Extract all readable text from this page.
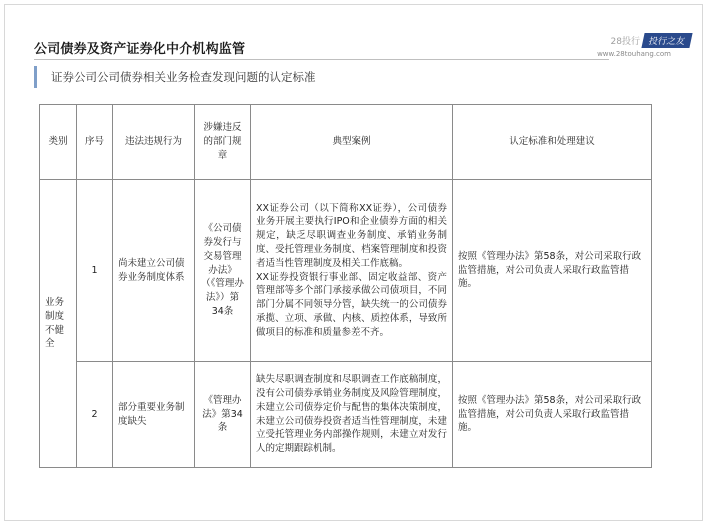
公司债券及资产证券化中介机构监管	28投行 投行之友
www.28touhang.com
证券公司公司债券相关业务检查发现问题的认定标准
类别	序号	违法违规行为	涉嫌违反的部门规章	典型案例	认定标准和处理建议
业务制度不健全	1	尚未建立公司债券业务制度体系	《公司债券发行与交易管理办法》（《管理办法》）第34条	XX证券公司（以下简称XX证券），公司债券业务开展主要执行IPO和企业债券方面的相关规定，缺乏尽职调查业务制度、承销业务制度、受托管理业务制度、档案管理制度和投资者适当性管理制度及相关工作底稿。
XX证券投资银行事业部、固定收益部、资产管理部等多个部门承接承做公司债项目，不同部门分属不同领导分管，缺失统一的公司债券承揽、立项、承做、内核、质控体系，导致所做项目的标准和质量参差不齐。	按照《管理办法》第58条，对公司采取行政监管措施，对公司负责人采取行政监管措施。
	2	部分重要业务制度缺失	《管理办法》第34条	缺失尽职调查制度和尽职调查工作底稿制度，没有公司债券承销业务制度及风险管理制度，未建立公司债券定价与配售的集体决策制度，未建立公司债券投资者适当性管理制度，未建立受托管理业务内部操作规则，未建立对发行人的定期跟踪机制。	按照《管理办法》第58条，对公司采取行政监管措施，对公司负责人采取行政监管措施。
